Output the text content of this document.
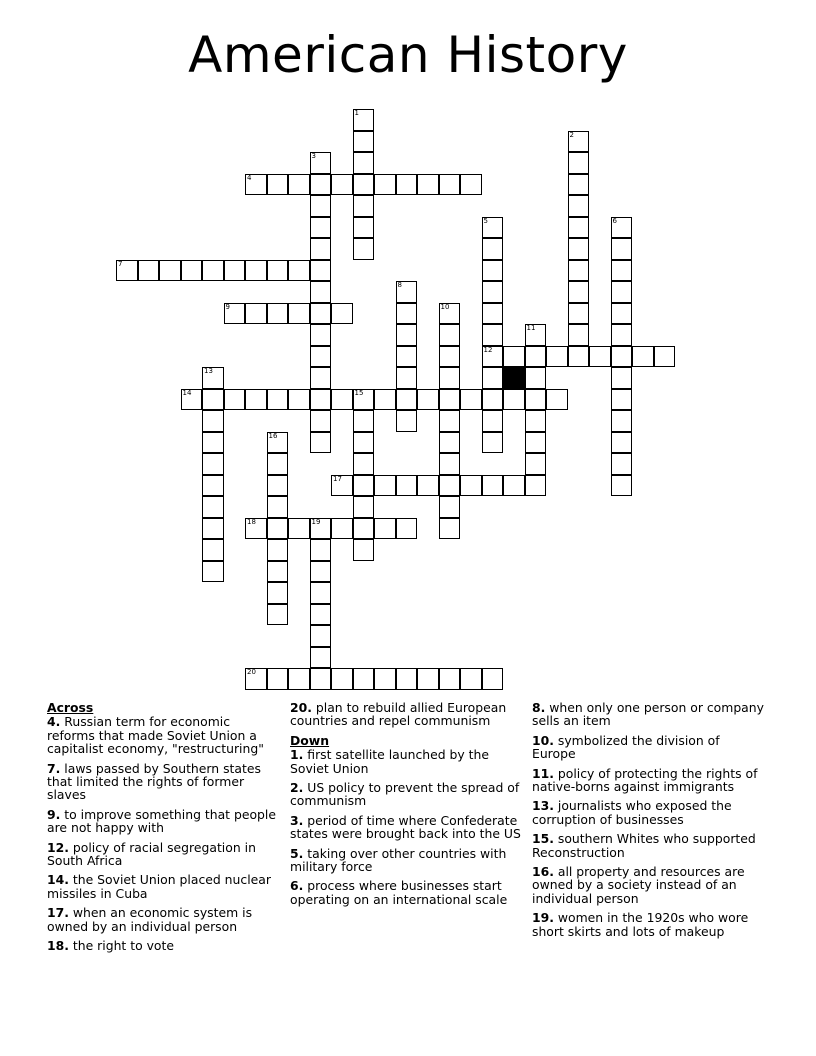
American History
1
2
3
4
5
12
6
7
8
9	10
11
13
14	15
16
17
18	19
20
Across
4. Russian term for economic reforms that made Soviet Union a capitalist economy, "restructuring"
7. laws passed by Southern states that limited the rights of former slaves
9. to improve something that people are not happy with
12. policy of racial segregation in South Africa
14. the Soviet Union placed nuclear missiles in Cuba
17. when an economic system is owned by an individual person
18. the right to vote
20. plan to rebuild allied European countries and repel communism
Down
1. first satellite launched by the Soviet Union
2. US policy to prevent the spread of communism
3. period of time where Confederate states were brought back into the US
5. taking over other countries with military force
6. process where businesses start operating on an international scale
8. when only one person or company sells an item
10. symbolized the division of Europe
11. policy of protecting the rights of native-borns against immigrants
13. journalists who exposed the corruption of businesses
15. southern Whites who supported Reconstruction
16. all property and resources are owned by a society instead of an individual person
19. women in the 1920s who wore short skirts and lots of makeup
